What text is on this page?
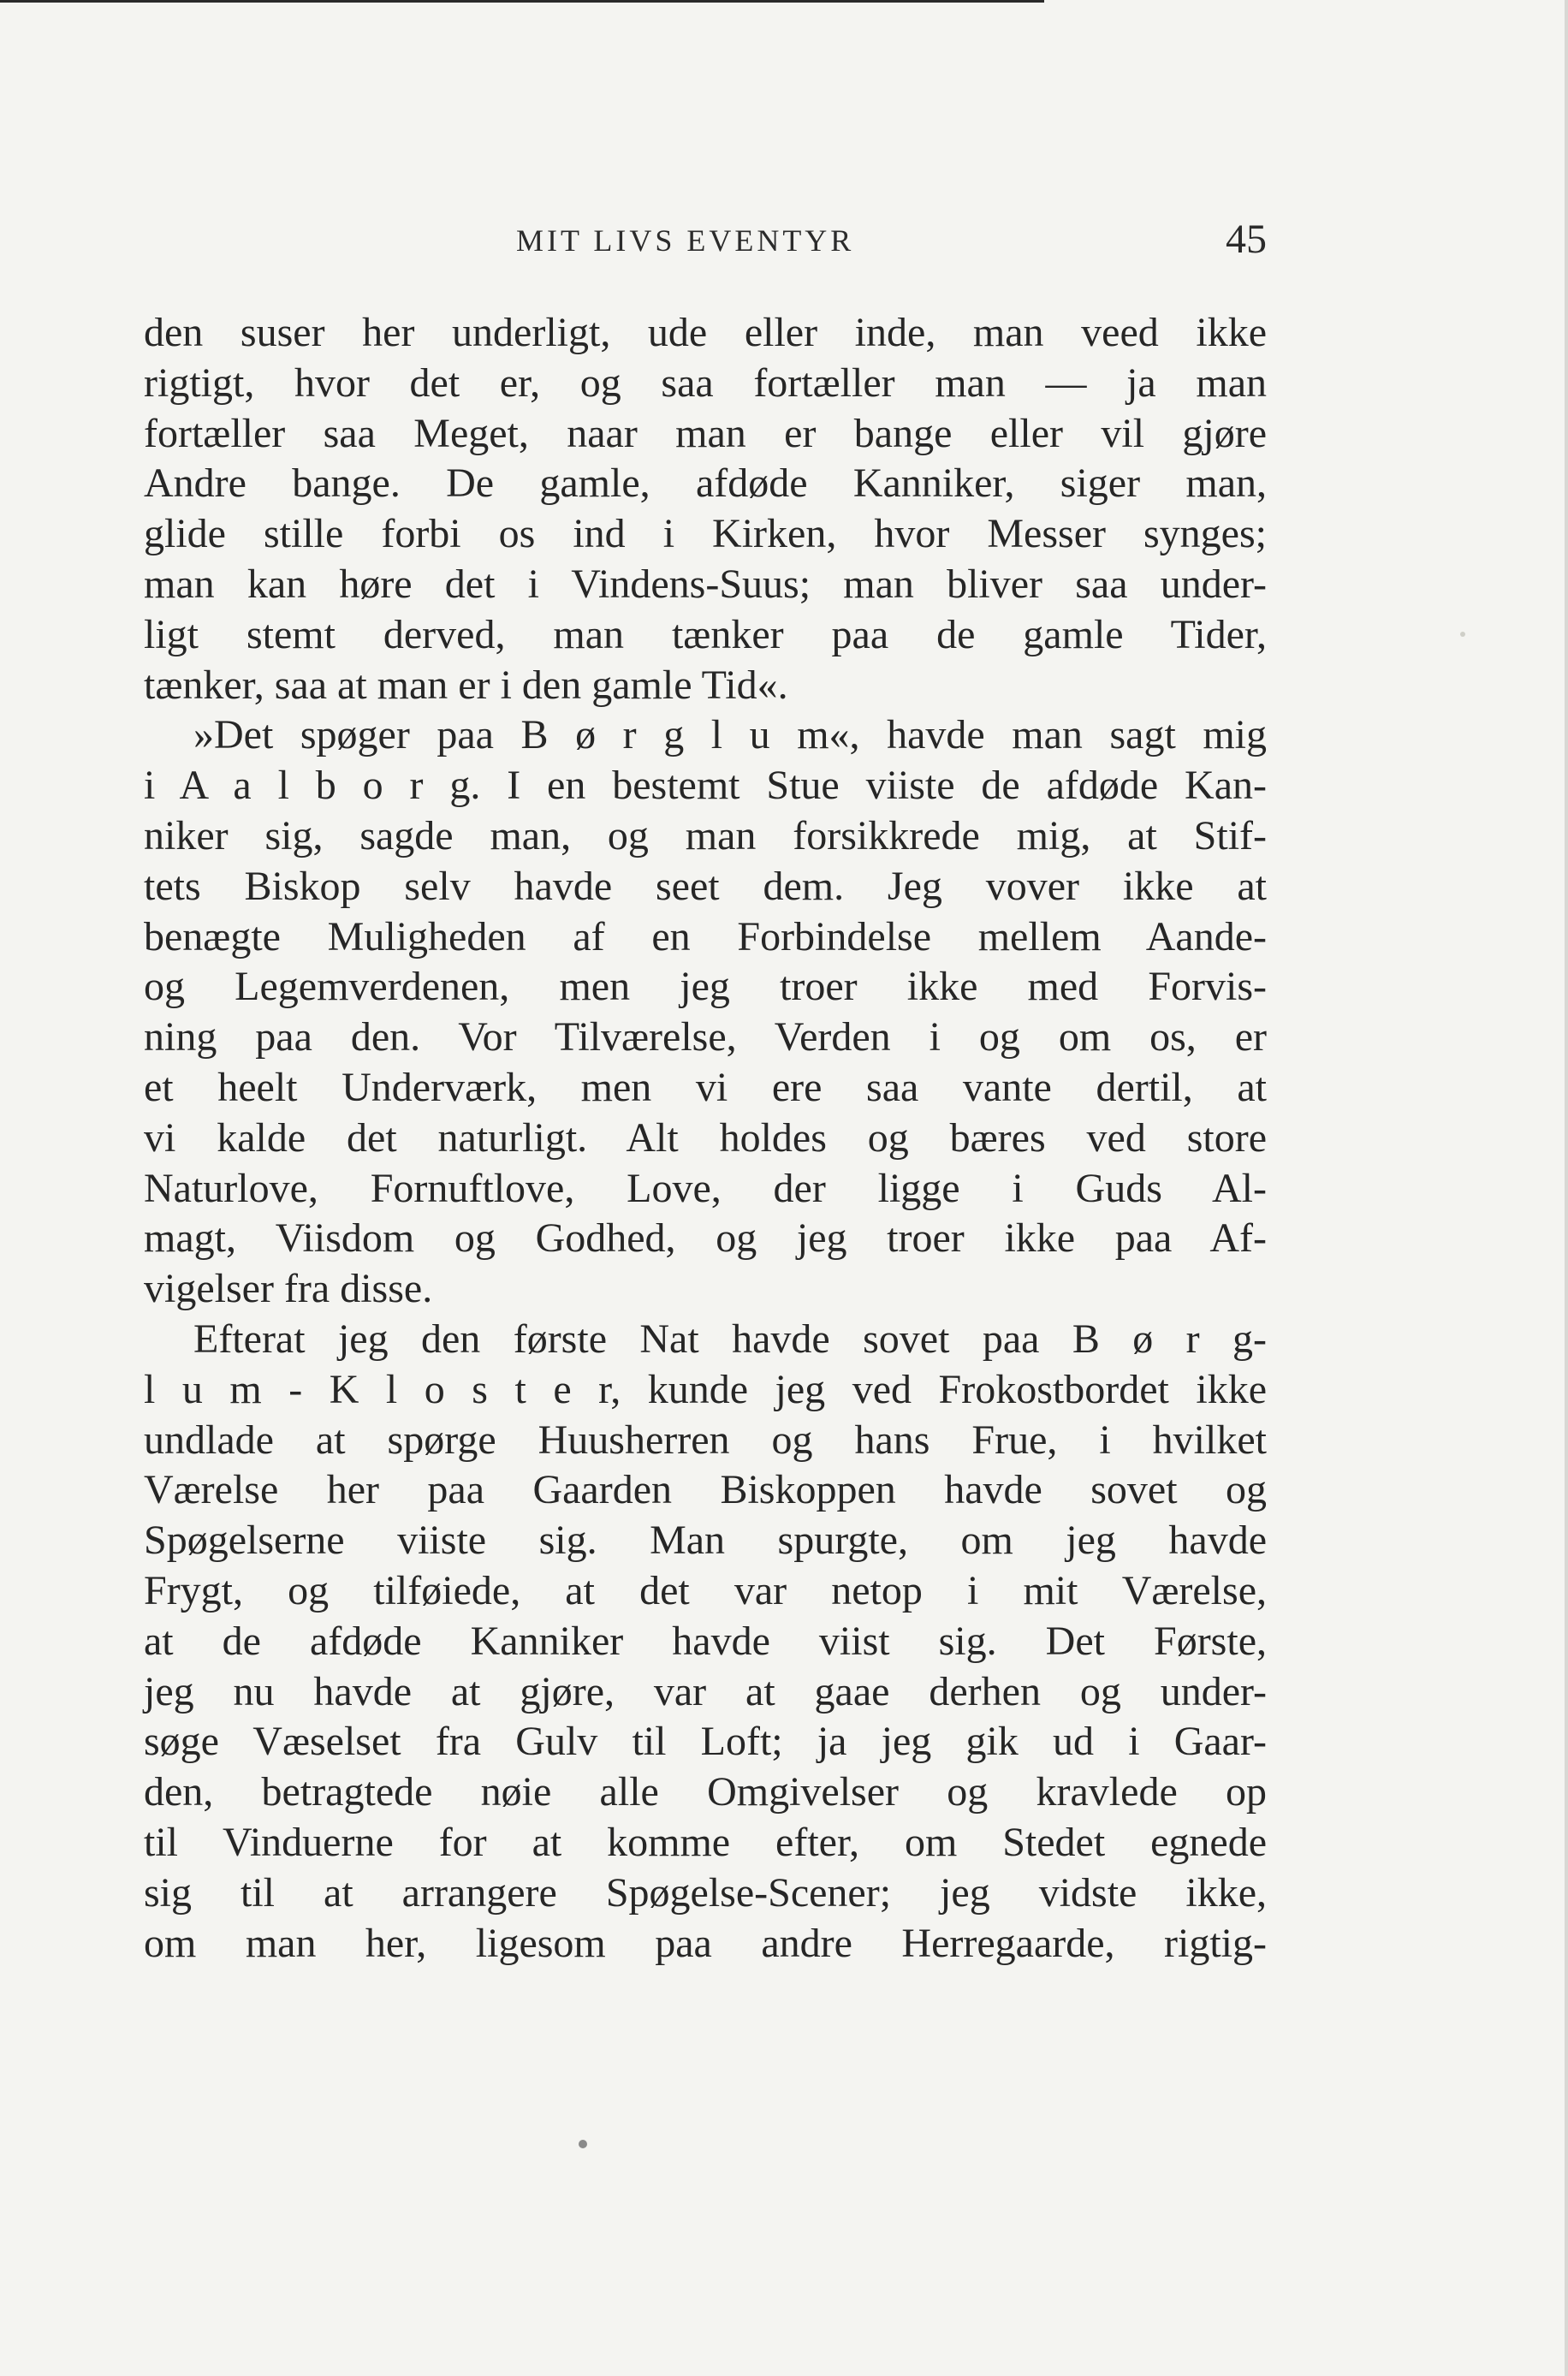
MIT LIVS EVENTYR	45
den suser her underligt, ude eller inde, man veed ikke
rigtigt, hvor det er, og saa fortæller man — ja man
fortæller saa Meget, naar man er bange eller vil gjøre
Andre bange. De gamle, afdøde Kanniker, siger man,
glide stille forbi os ind i Kirken, hvor Messer synges;
man kan høre det i Vindens-Suus; man bliver saa under-
ligt stemt derved, man tænker paa de gamle Tider,
tænker, saa at man er i den gamle Tid«.
»Det spøger paa B ø r g l u m«, havde man sagt mig
i A a l b o r g. I en bestemt Stue viiste de afdøde Kan-
niker sig, sagde man, og man forsikkrede mig, at Stif-
tets Biskop selv havde seet dem. Jeg vover ikke at
benægte Muligheden af en Forbindelse mellem Aande-
og Legemverdenen, men jeg troer ikke med Forvis-
ning paa den. Vor Tilværelse, Verden i og om os, er
et heelt Underværk, men vi ere saa vante dertil, at
vi kalde det naturligt. Alt holdes og bæres ved store
Naturlove, Fornuftlove, Love, der ligge i Guds Al-
magt, Viisdom og Godhed, og jeg troer ikke paa Af-
vigelser fra disse.
Efterat jeg den første Nat havde sovet paa B ø r g-
l u m - K l o s t e r, kunde jeg ved Frokostbordet ikke
undlade at spørge Huusherren og hans Frue, i hvilket
Værelse her paa Gaarden Biskoppen havde sovet og
Spøgelserne viiste sig. Man spurgte, om jeg havde
Frygt, og tilføiede, at det var netop i mit Værelse,
at de afdøde Kanniker havde viist sig. Det Første,
jeg nu havde at gjøre, var at gaae derhen og under-
søge Væselset fra Gulv til Loft; ja jeg gik ud i Gaar-
den, betragtede nøie alle Omgivelser og kravlede op
til Vinduerne for at komme efter, om Stedet egnede
sig til at arrangere Spøgelse-Scener; jeg vidste ikke,
om man her, ligesom paa andre Herregaarde, rigtig-
